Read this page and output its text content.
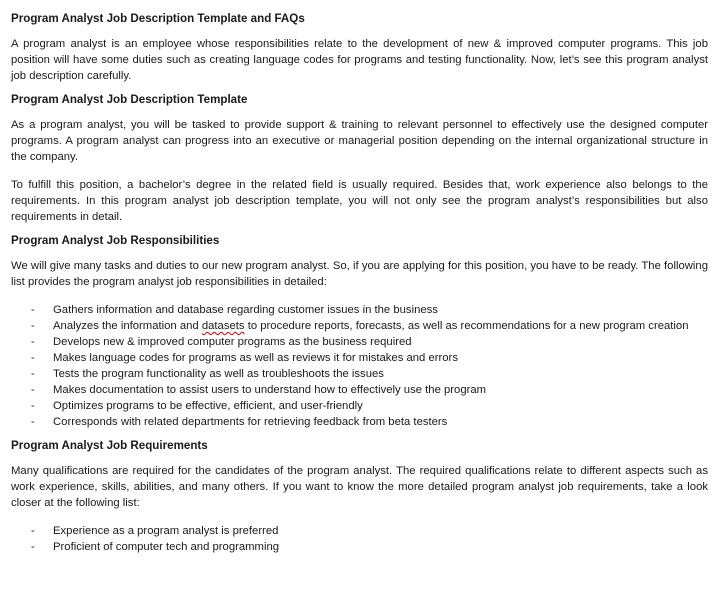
Program Analyst Job Description Template and FAQs

A program analyst is an employee whose responsibilities relate to the development of new & improved computer programs. This job position will have some duties such as creating language codes for programs and testing functionality. Now, let’s see this program analyst job description carefully.

Program Analyst Job Description Template

As a program analyst, you will be tasked to provide support & training to relevant personnel to effectively use the designed computer programs. A program analyst can progress into an executive or managerial position depending on the internal organizational structure in the company.

To fulfill this position, a bachelor’s degree in the related field is usually required. Besides that, work experience also belongs to the requirements. In this program analyst job description template, you will not only see the program analyst’s responsibilities but also requirements in detail.

Program Analyst Job Responsibilities

We will give many tasks and duties to our new program analyst. So, if you are applying for this position, you have to be ready. The following list provides the program analyst job responsibilities in detailed:

- Gathers information and database regarding customer issues in the business
- Analyzes the information and datasets to procedure reports, forecasts, as well as recommendations for a new program creation
- Develops new & improved computer programs as the business required
- Makes language codes for programs as well as reviews it for mistakes and errors
- Tests the program functionality as well as troubleshoots the issues
- Makes documentation to assist users to understand how to effectively use the program
- Optimizes programs to be effective, efficient, and user-friendly
- Corresponds with related departments for retrieving feedback from beta testers
Program Analyst Job Requirements

Many qualifications are required for the candidates of the program analyst. The required qualifications relate to different aspects such as work experience, skills, abilities, and many others. If you want to know the more detailed program analyst job requirements, take a look closer at the following list:

- Experience as a program analyst is preferred
- Proficient of computer tech and programming
